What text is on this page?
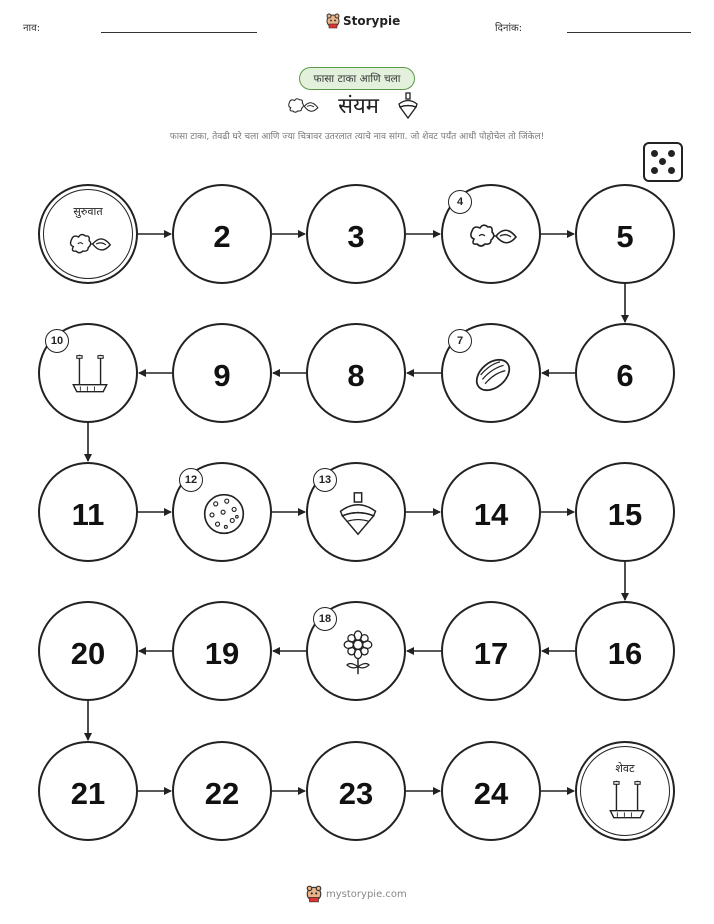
नाव:
Storypie
दिनांक:
फासा टाका आणि चला
संयम
फासा टाका, तेवढी घरे चला आणि ज्या चित्रावर उतरलात त्याचे नाव सांगा. जो शेवट पर्यंत आधी पोहोचेल तो जिंकेल!
सुरुवात
2	3
4
5
6
7
8
9
10
11
12	13
14	15
16
17
18
19
20
21	22	23	24
शेवट
mystorypie.com
